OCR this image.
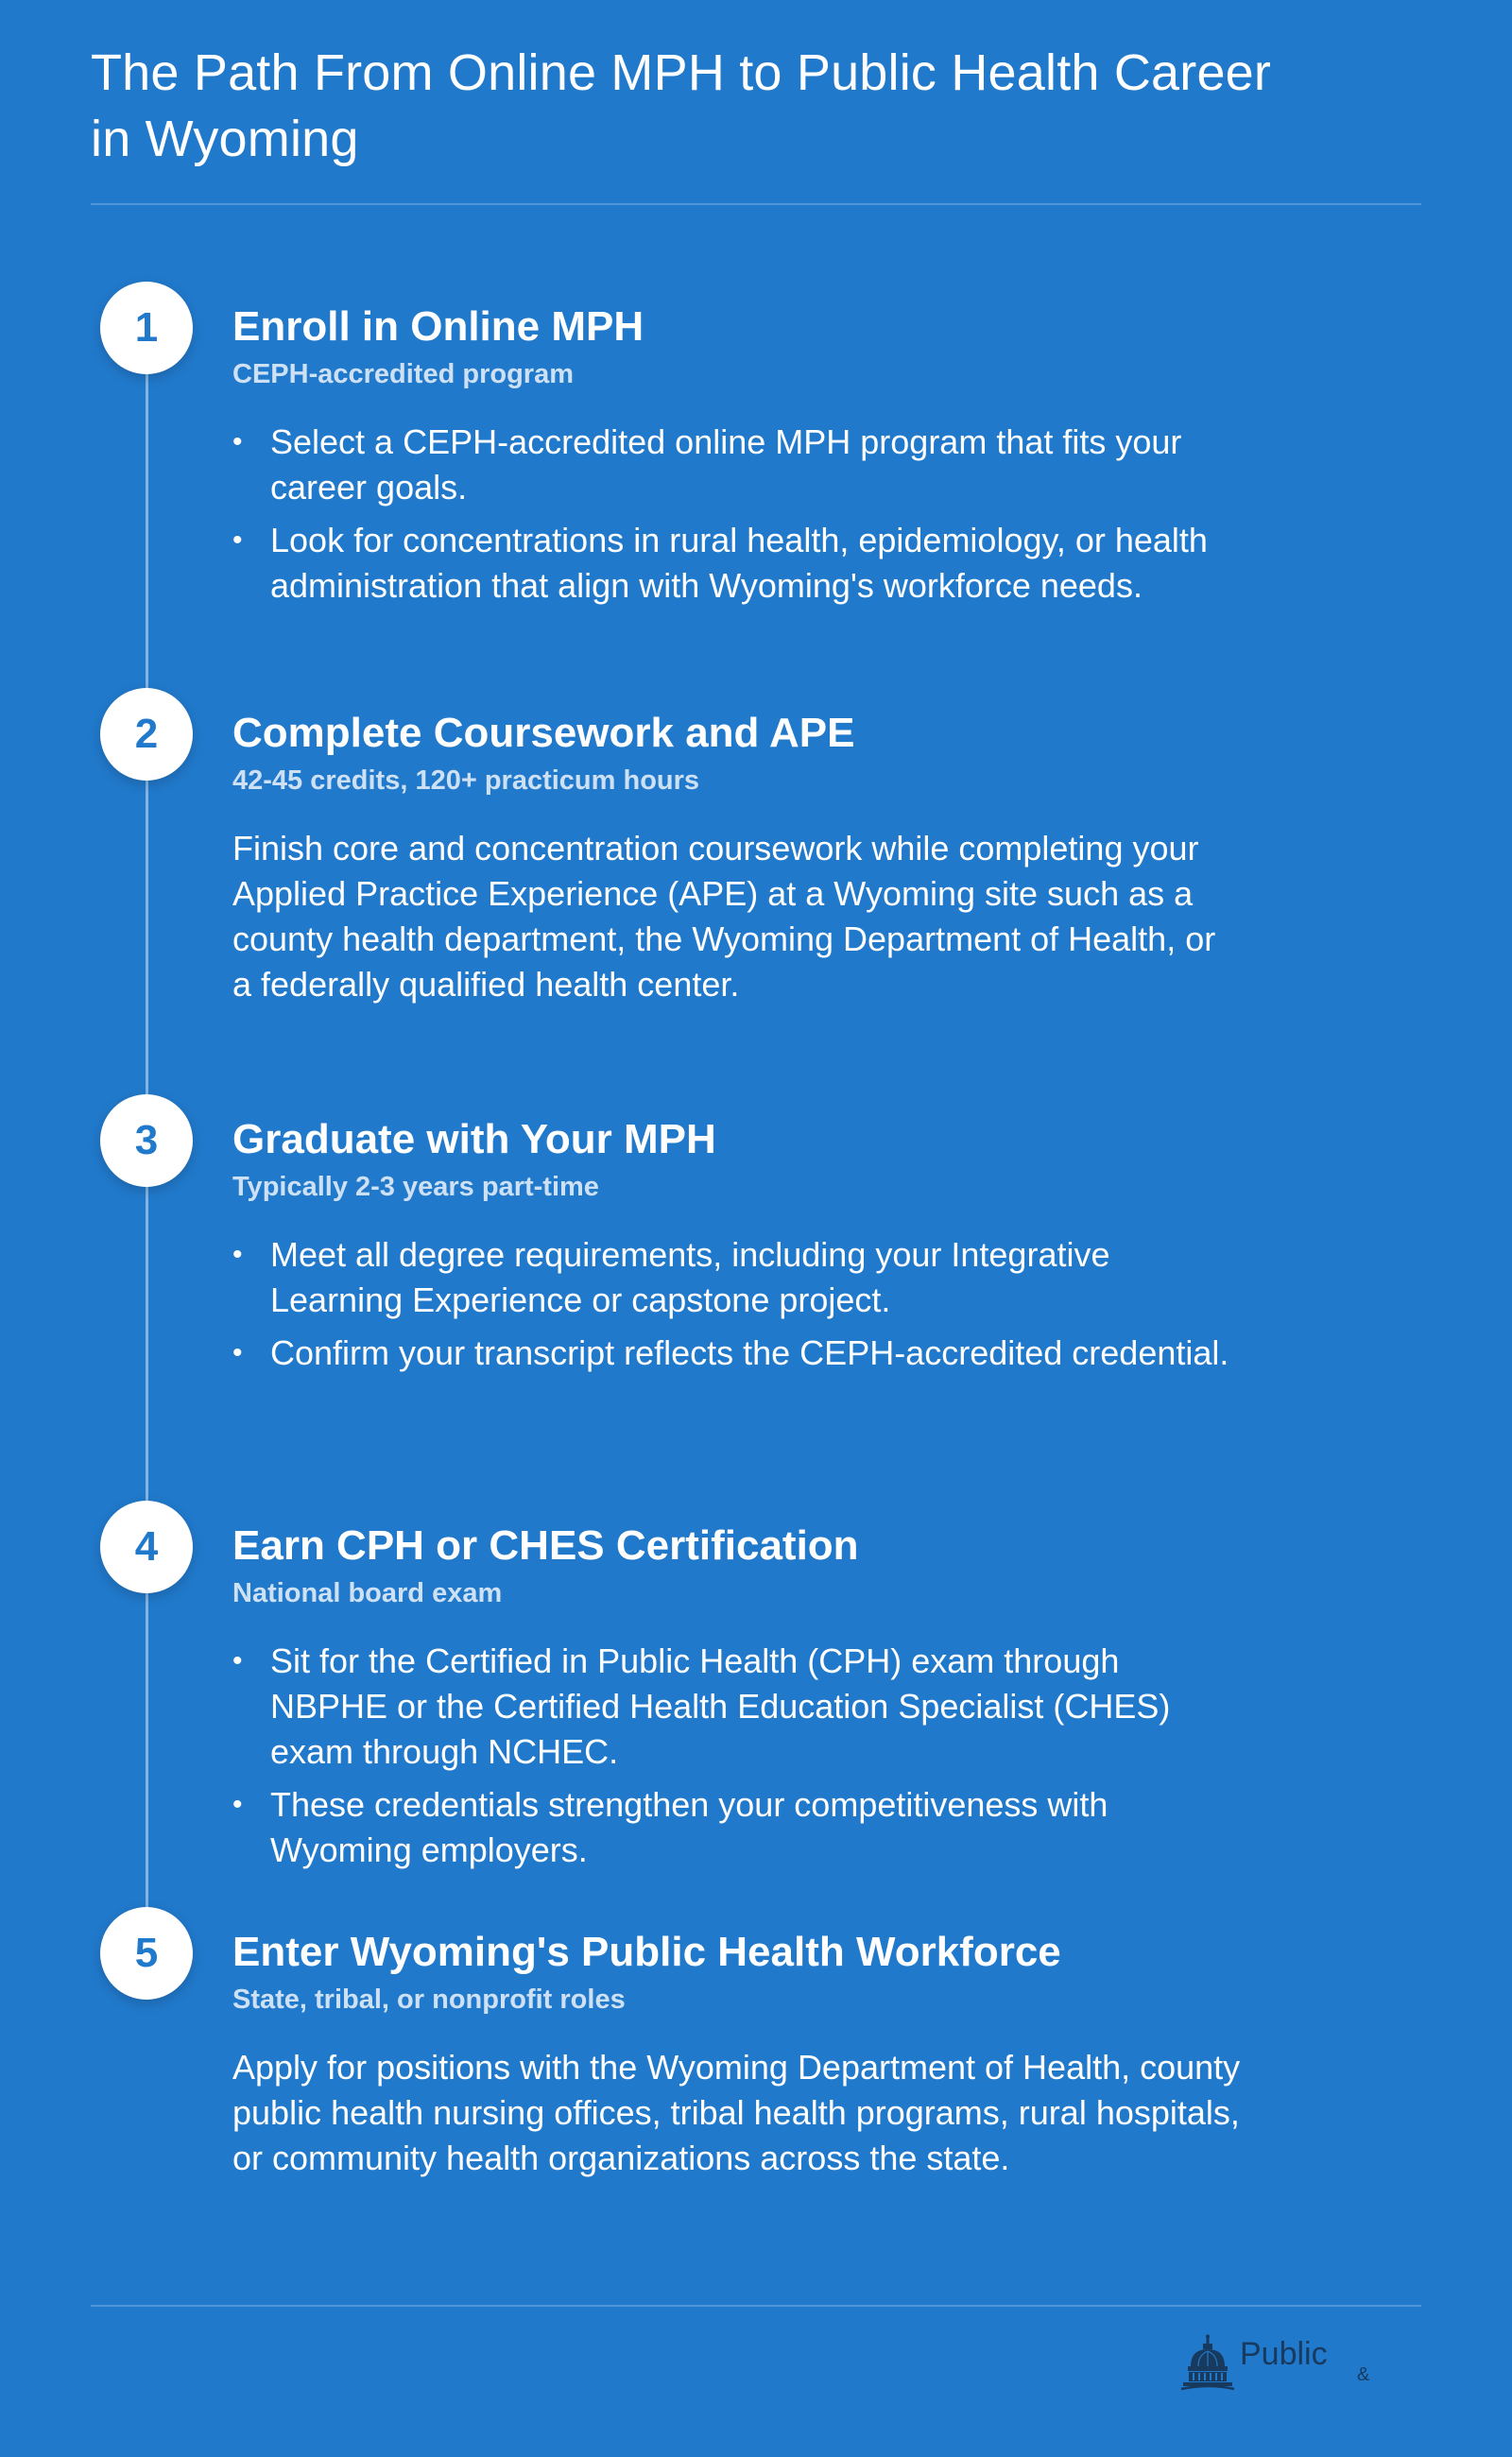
The Path From Online MPH to Public Health Career in Wyoming
1	Enroll in Online MPH
CEPH-accredited program
• Select a CEPH-accredited online MPH program that fits your career goals.
• Look for concentrations in rural health, epidemiology, or health administration that align with Wyoming's workforce needs.
2	Complete Coursework and APE
42-45 credits, 120+ practicum hours

Finish core and concentration coursework while completing your Applied Practice Experience (APE) at a Wyoming site such as a county health department, the Wyoming Department of Health, or a federally qualified health center.

3	Graduate with Your MPH
Typically 2-3 years part-time
• Meet all degree requirements, including your Integrative Learning Experience or capstone project.
• Confirm your transcript reflects the CEPH-accredited credential.
4	Earn CPH or CHES Certification
National board exam
• Sit for the Certified in Public Health (CPH) exam through NBPHE or the Certified Health Education Specialist (CHES) exam through NCHEC.
• These credentials strengthen your competitiveness with Wyoming employers.
5	Enter Wyoming's Public Health Workforce
State, tribal, or nonprofit roles

Apply for positions with the Wyoming Department of Health, county public health nursing offices, tribal health programs, rural hospitals, or community health organizations across the state.

Public
&
